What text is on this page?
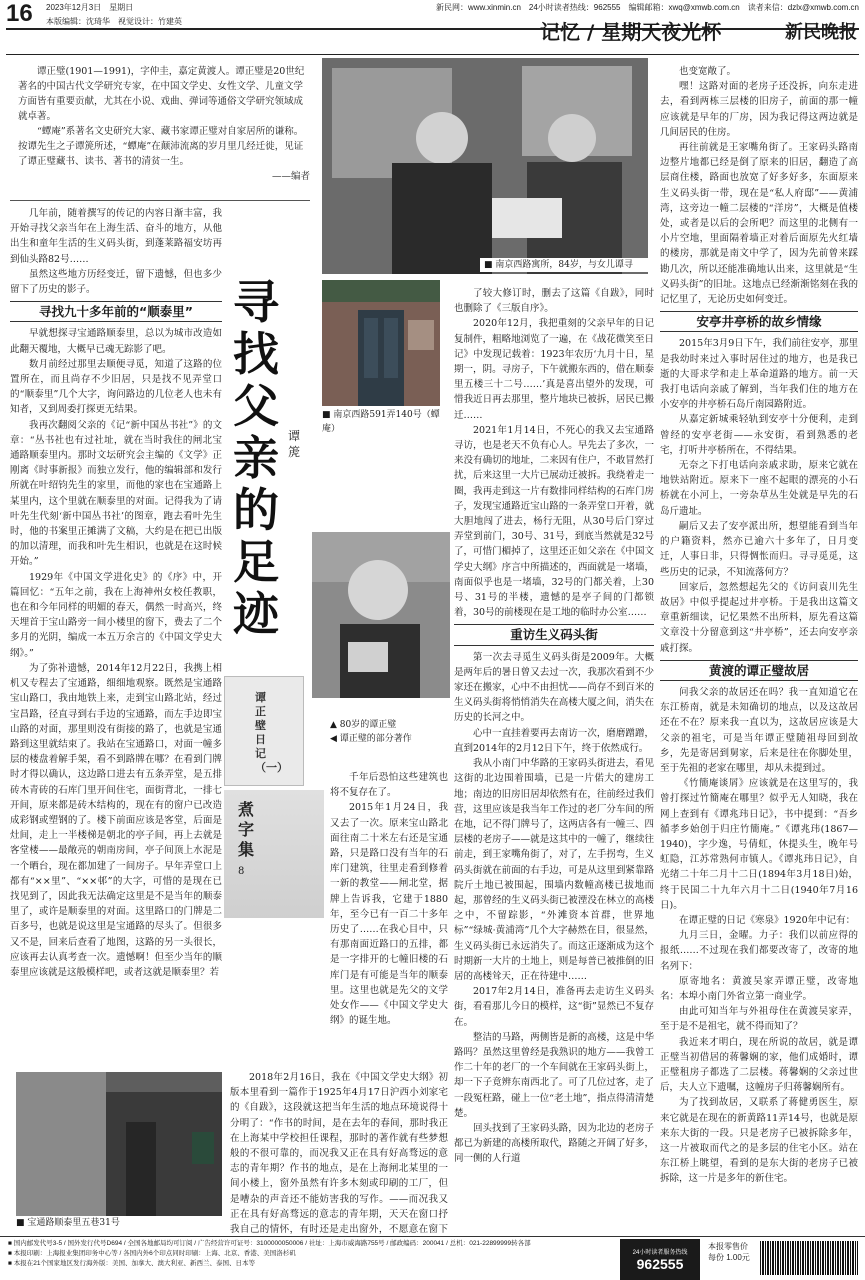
16 2023年12月3日　星期日
本版编辑：沈琦华　视觉设计：竹建英
新民网：www.xinmin.cn　24小时读者热线：962555　编辑邮箱：xwq@xmwb.com.cn　读者来信：dzlx@xmwb.com.cn
记忆 / 星期天夜光杯	新民晚报

谭正璧(1901—1991)，字仲圭，嘉定黄渡人。谭正璧是20世纪著名的中国古代文学研究专家，在中国文学史、女性文学、儿童文学方面皆有重要贡献，尤其在小说、戏曲、弹词等通俗文学研究领域成就卓著。

“蟫庵”系著名文史研究大家、藏书家谭正璧对自家居所的谦称。按谭先生之子谭箎所述，“蟫庵”在颠沛流离的岁月里几经迁徙，见证了谭正璧藏书、读书、著书的清贫一生。

——编者

几年前，随着撰写的传记的内容日渐丰富，我开始寻找父亲当年在上海生活、奋斗的地方，从他出生和童年生活的生义码头街，到蓬莱路福安坊再到仙头路82号……

虽然这些地方历经变迁，留下遗憾，但也多少留下了历史的影子。

寻找九十多年前的“顺泰里”

早就想探寻宝通路顺泰里，总以为城市改造如此翻天覆地，大概早已魂无踪影了吧。

数月前经过那里去顺便寻觅，知道了这路的位置所在，而且尚存不少旧居，只是找不见弄堂口的“顺泰里”几个大字，询问路边的几位老人也未有知者，又到周委打探更无结果。

我再次翻阅父亲的《记“新中国丛书社”》的文章：“丛书社也有过社址，就在当时我住的闸北宝通路顺泰里内。那时文坛研究会主编的《文学》正刚离《时事新报》而独立发行，他的编辑部和发行所就在叶绍钧先生的家里，而他的家也在宝通路上某里内，这个里就在顺泰里的对面。记得我为了请叶先生代刻‘新中国丛书社’的图章，跑去看叶先生时，他的书案里正摊满了文稿，大约是在把已出版的加以清理，而我和叶先生相识，也就是在这时候开始。”

1929年《中国文学进化史》的《序》中，开篇回忆：“五年之前，我在上海神州女校任教职，也在和今年同样的明媚的春天，偶然一时高兴，终天埋首于宝山路旁一间小楼里的窗下，费去了二个多月的光阴，编成一本五万余言的《中国文学史大纲》。”

为了弥补遗憾，2014年12月22日，我携上相机又专程去了宝通路，细细地观察。既然是宝通路宝山路口，我由地铁上来，走到宝山路北站，经过宝昌路，径直寻到右手边的宝通路，而左手边即宝山路的对面，那里则没有街接的路了，也就是宝通路到这里就结束了。我站在宝通路口，对面一幢多层的楼盘着解手架，看不到路牌在哪？在看到门牌时才得以确认，这边路口进去有五条弄堂，是五排砖木青砖的石库门里开间住宅，面街背北，一排七开间，原来都是砖木结构的，现在有的窗户已改造成彩钢或塑钢的了。楼下前面应该是客堂，后面是灶间，走上一半楼梯是朝北的亭子间，再上去就是客堂楼——最敞亮的朝南房间，亭子间顶上水泥是一个晒台，现在都加建了一间房子。早年弄堂口上都有“××里”、“××邨”的大字，可惜的是现在已找见到了，因此我无法确定这里是不是当年的顺泰里了，或许是顺泰里的对面。这里路口的门牌是二百多号，也就是说这里是宝通路的尽头了。但很多又不是，回来后查看了地图，这路的另一头很长，应该再去认真考查一次。遗憾啊！但至少当年的顺泰里应该就是这般模样吧，或者这就是顺泰里？若

寻找父亲的足迹
谭箎
■ 南京西路寓所，84岁，与女儿谭寻
■ 南京西路591弄140号（蟫庵）
谭正壁日记（一）
煮字集
8
▲ 80岁的谭正璧
◀ 谭正璧的部分著作
■ 宝通路顺泰里五巷31号

2018年2月16日，我在《中国文学史大纲》初版本里看到一篇作于1925年4月17日沪西小刘家宅的《自跋》，这段就这把当年生活的地点环境说得十分明了：“作书的时间，是在去年的春间，那时我正在上海某中学校担任课程，那时的著作就有些梦想般的不很可靠的，而况我又正在具有好高骛远的意志的青年期？作书的地点，是在上海闸北某里的一间小楼上，窗外虽然有许多木刻或印刷的工厂，但是嘈杂的声音还不能妨害我的写作。——而况我又正在具有好高骛远的意志的青年期，天天在窗口抒我自己的情怀，有时还是走出窗外，不愿意在窗下

千年后恐怕这些建筑也将不复存在了。

2015年1月24日，我又去了一次。原来宝山路北面往南二十米左右还是宝通路，只是路口没有当年的石库门建筑，往里走看到修着一新的教堂——闸北堂，据牌上告诉我，它建于1880年，至今已有一百二十多年历史了……在我心目中，只有那南面近路口的五排，都是一字排开的七幢旧楼的石库门是有可能是当年的顺泰里。这里也就是先父的文学处女作——《中国文学史大纲》的诞生地。

了较大修订时，删去了这篇《自跋》，同时也删除了《三版自序》。

2020年12月，我把重刻的父亲早年的日记复制件，粗略地浏览了一遍，在《战花微笑至日记》中发现记载着：1923年农历‘九月十日，星期一，阴。寻房子，下午就搬东西的，借在顺泰里五楼三十二号……’真是喜出望外的发现，可惜我近日再去那里，整片地块已被拆，居民已搬迁……

2021年1月14日，不死心的我又去宝通路寻访，也是老天不负有心人。早先去了多次，一来没有确切的地址，二来因有住户，不敢冒然打扰，后来这里一大片已展动迁被拆。我绕着走一圈，我再走到这一片有数排同样结构的石库门房子，发现宝通路近宝山路的一条弄堂口开着，就大胆地闯了进去，杨行无阻，从30号后门穿过弄堂到前门，30号、31号，到底当然就是32号了，可惜门楣掉了，这里还正如父亲在《中国文学史大纲》序言中所描述的，西面就是一堵墙，南面似乎也是一堵墙，32号的门都关着，上30号、31号的半楼，遗憾的是亭子间的门都锁着，30号的前楼现在是工地的临时办公室……

重访生义码头街

第一次去寻觅生义码头街是2009年。大概是两年后的暑日曾又去过一次，我那次看到不少家还在搬家，心中不由担忧——尚存不到百米的生义码头街将悄悄消失在高楼大厦之间，消失在历史的长河之中。

心中一直挂着要再去南访一次，磨磨蹭蹭，直到2014年的2月12日下午，终于依然成行。

我从小南门中华路的王家码头街进去，看见这街的北边围着围墙，已是一片偌大的建房工地；南边的旧房旧居却依然有在，往前经过我们营，这里应该是我当年工作过的老厂分车间的所在地，记不得门牌号了，这两店各有一幢三、四层楼的老房子——就是这其中的一幢了，继续往前走，到王家嘴角街了，对了，左手拐弯，生义码头街就在前面的右手边，可是从这里到紧靠路院斤土地已被围起，围墙内数幢高楼已拔地而起，那曾经的生义码头街已被湮没在林立的高楼之中，不留踪影，“外滩资本首群，世界地标”“绿城·黄浦湾”几个大字赫然在目，很显然，生义码头街已永远消失了。而这正逐渐成为这个时期新一大片的土地上，则是每普已被推倒的旧居的高楼耸天，正在待建中……

2017年2月14日，准备再去走访生义码头街，看看那儿今日的模样，这“街”显然已不复存在。

整洁的马路，两侧皆是新的高楼，这是中华路吗？虽然这里曾经是我熟识的地方——我曾工作二十年的老厂的一个车间就在王家码头街上，却一下子竟辨东南西北了。可了几位过客，走了一段冤枉路，碰上一位“老土地”，指点得清清楚楚。

回头找到了王家码头路，因为北边的老房子都已为新建的高楼所取代，路随之开阔了好多，同一侧的人行道

也变宽敞了。

嘿！这路对面的老房子还没拆，向东走进去，看到两栋三层楼的旧房子，前面的那一幢应该就是早年的厂房，因为我记得这两边就是几间居民的住房。

再往前就是王家嘴角街了。王家码头路南边整片地都已经是倒了原来的旧居，翻造了高层商住楼，路面也放宽了好多好多，东面原来生义码头街一带，现在是“私人府邸”——黄浦湾，这旁边一幢二层楼的“洋房”，大概是值楼处，或者是以后的会所吧？而这里的北侧有一小片空地，里面隔着墙正对着后面原先火红墙的楼房，那就是南文中学了，因为先前曾来踩勘几次，所以还能准确地认出来，这里就是“生义码头街”的旧址。这地点已经渐渐铭刻在我的记忆里了，无论历史如何变迁。

安亭井亭桥的故乡情缘

2015年3月9日下午，我们前往安亭，那里是我幼时来过入事时居住过的地方，也是我已逝的大哥求学和走上革命道路的地方。前一天我打电话向亲戚了解到，当年我们住的地方在小安亭的井亭桥石岛斤南园路附近。

从嘉定新城乘轻轨到安亭十分便利，走到曾经的安亭老街——永安街，看到熟悉的老宅，打听井亭桥所在，不得结果。

无奈之下打电话向亲戚求助，原来它就在地铁站附近。原来下一座不起眼的漂亮的小石桥就在小河上，一旁杂草丛生处就是早先的石岛斤遗址。

嗣后又去了安亭派出所，想望能看到当年的户籍资料，然亦已逾六十多年了，日月变迁，人事日非，只得惆怅而归。寻寻觅觅，这些历史的记录，不知流落何方？

回家后，忽然想起先父的《访问袁川先生故居》中似乎提起过井亭桥。于是我出这篇文章重新细读，记忆果然不出所料，原先看这篇文章没十分留意到这“井亭桥”，还去向安亭亲戚打探。

黄渡的谭正璧故居

问我父亲的故居还在吗？我一直知道它在东江桥南，就是未知确切的地点，以及这故居还在不在？原来我一直以为，这故居应该是大父亲的祖宅，可是当年谭正璧随祖母回到故乡，先是寄居到舅家，后来是往在你脚处里，至于先祖的老家在哪里，却从未提到过。

《竹簡庵谈屑》应该就是在这里写的，我曾打探过竹簡庵在哪里？似乎无人知晓，我在网上查到有《谭兆玮日记》，书中提到：“吾乡循孝乡始创于归庄竹簡庵。”《谭兆玮(1867—1940)，字少逸，号倩虹，休提头生，晚年号虹隐，江苏常熟何市镇人。《谭兆玮日记》，自光绪二十年二月十二日(1894年3月18日)始，终于民国二十九年六月十二日(1940年7月16日)。

在谭正璧的日记《寒泉》1920年中记有：

九月三日，金曜。力子：我们以前应得的报纸……不过现在我们都要改寄了，改寄的地名列下：

原寄地名：黄渡吴家弄谭正璧，改寄地名：本埠小南门外省立第一商业学。

由此可知当年与外祖母住在黄渡吴家弄，至于是不是祖宅，就不得而知了？

我近来才明白，现在所说的故居，就是谭正璧当初借居的蒋馨娴的家，他们成婚时，谭正璧租房子都选了二层楼。蒋馨娴的父亲过世后，夫人立下遗嘱，这幢房子归蒋馨娴所有。

为了找到故居，又联系了蒋健勇医生，原来它就是在现在的新黄路11弄14号，也就是原来东大街的一段。只是老房子已被拆除多年，这一片被取而代之的是多层的住宅小区。站在东江桥上眺望，看到的是东大街的老房子已被拆除，这一片是多年的新住宅。

■ 国内邮发代号3-5 / 国外发行代号D694 / 全国各地邮局均可订阅 / 广告经营许可证号：3100000050006 / 社址：上海市威海路755号 / 邮政编码：200041 / 总机：021-22899999转各部
■ 本报印刷：上海报业集团印务中心等 / 各国内外6个印点同时印刷：上海、北京、香港、美国洛杉矶
■ 本报在21个国家地区发行海外版：美国、加拿大、澳大利亚、新西兰、泰国、日本等
24小时读者服务热线
962555
本报零售价
每份 1.00元
